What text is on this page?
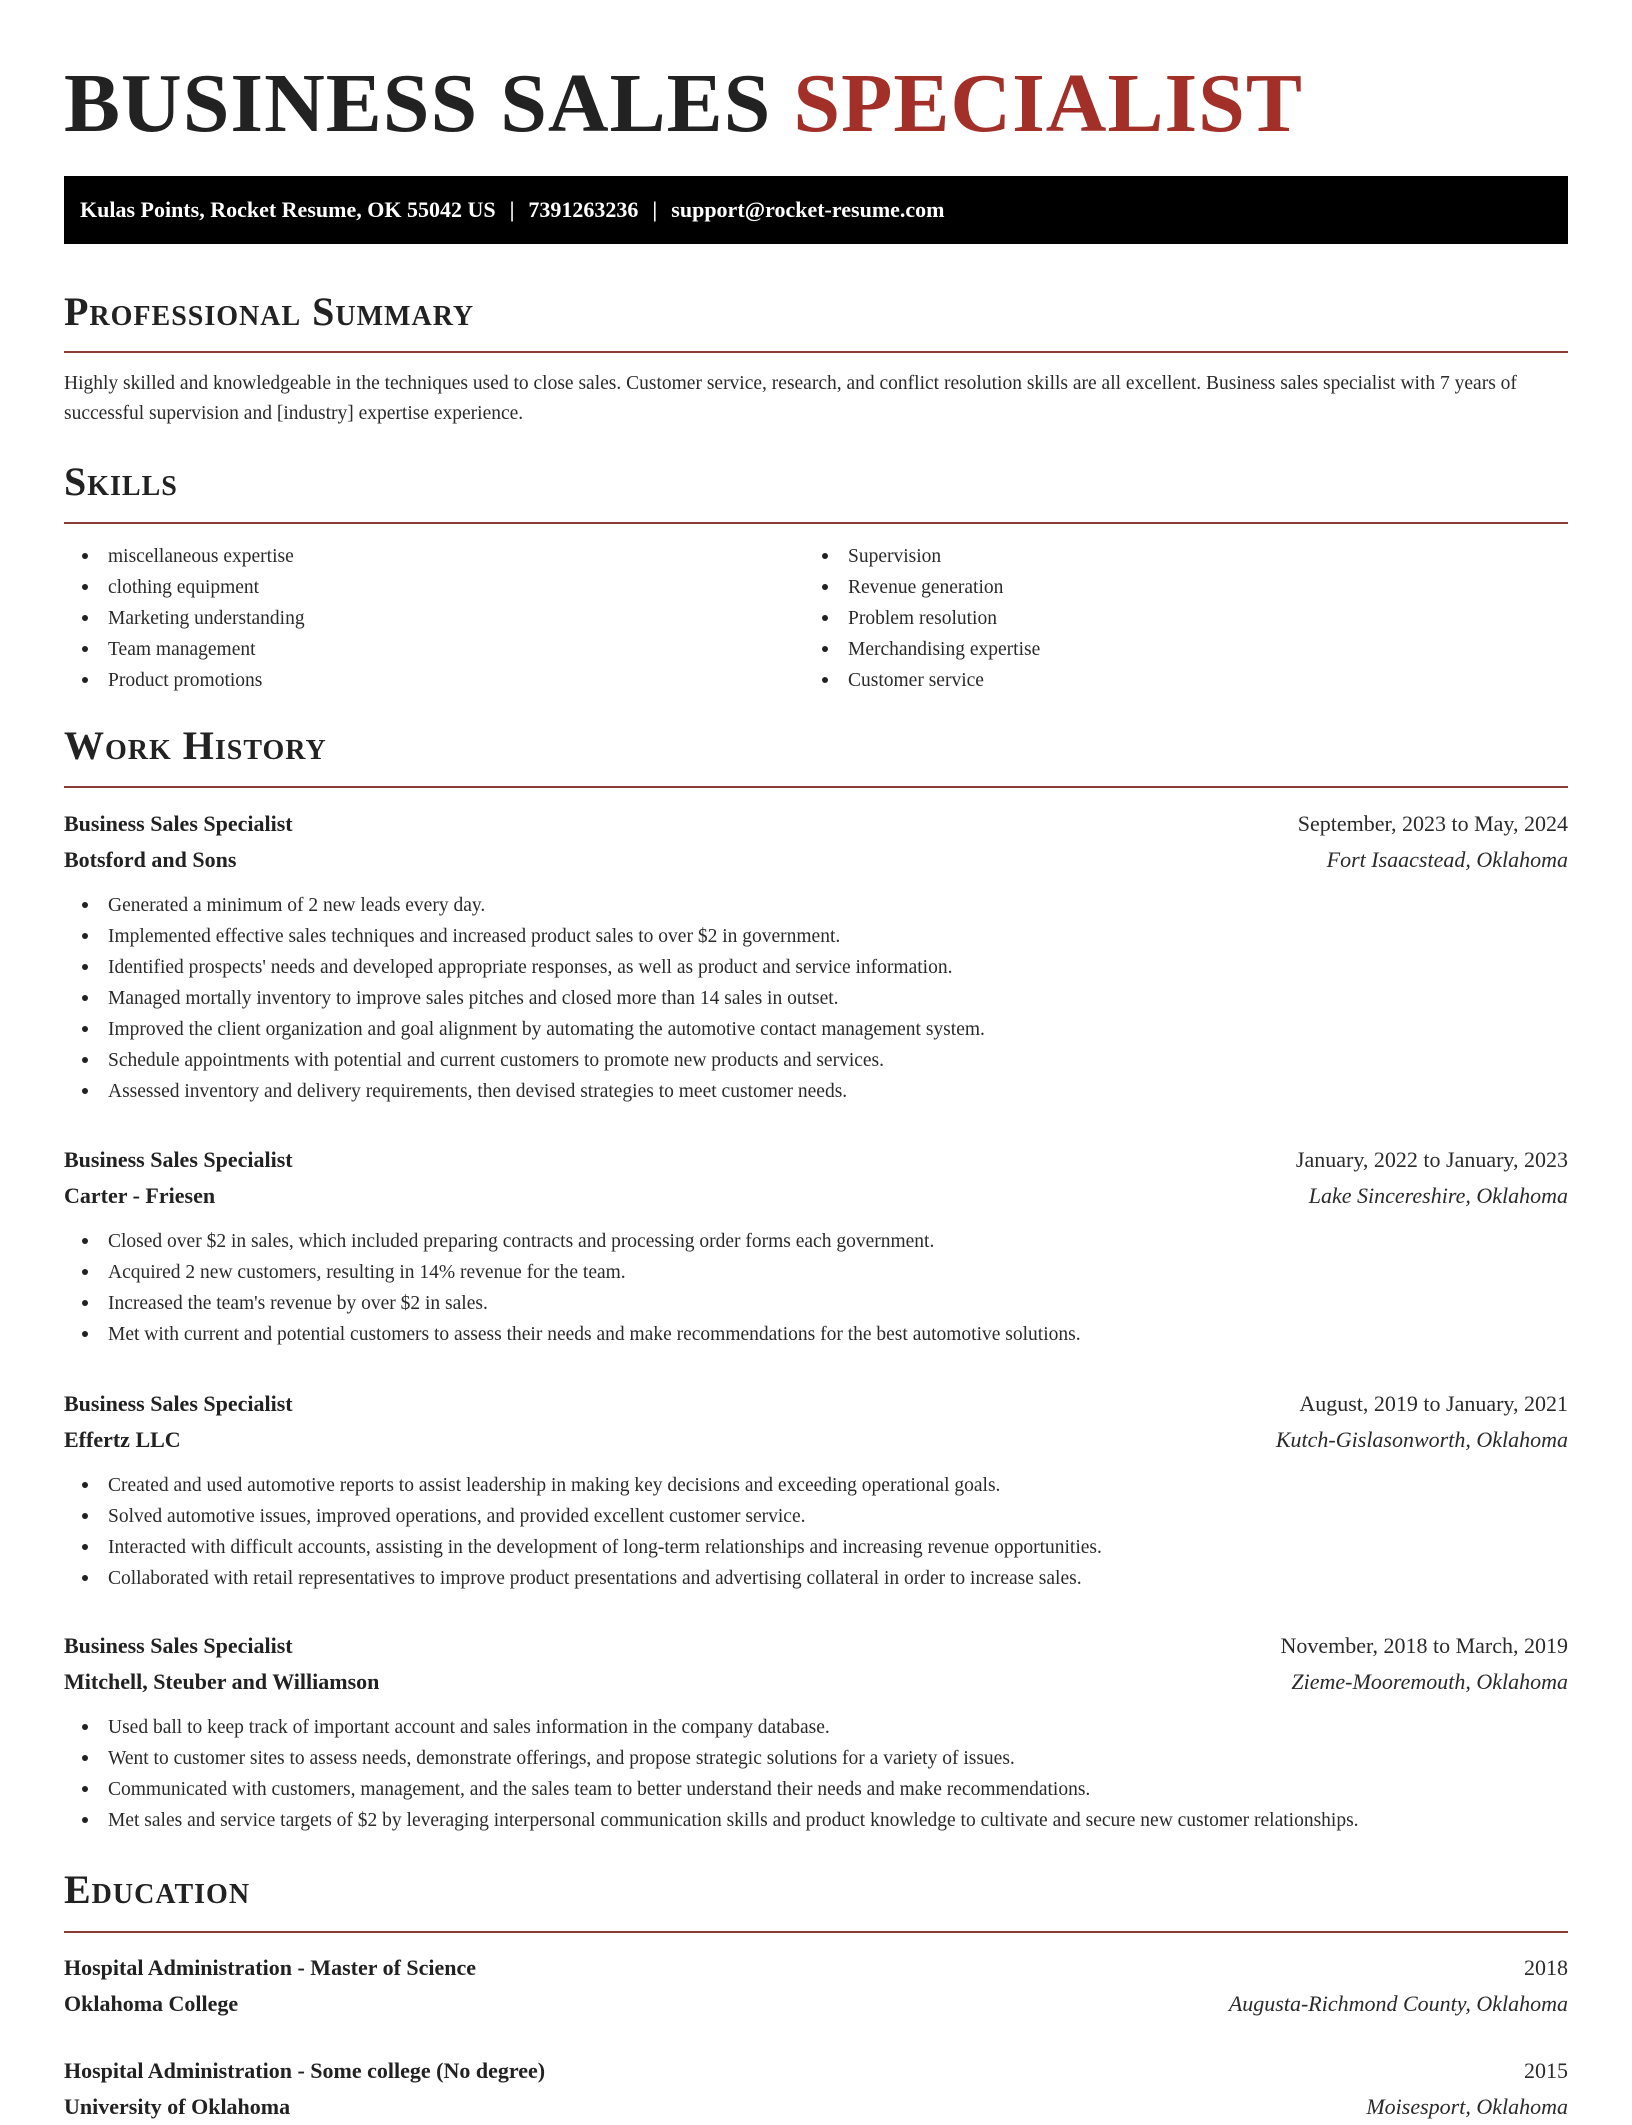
BUSINESS SALES SPECIALIST
Kulas Points, Rocket Resume, OK 55042 US | 7391263236 | support@rocket-resume.com
Professional Summary

Highly skilled and knowledgeable in the techniques used to close sales. Customer service, research, and conflict resolution skills are all excellent. Business sales specialist with 7 years of successful supervision and [industry] expertise experience.

Skills
miscellaneous expertise
clothing equipment
Marketing understanding
Team management
Product promotions
Supervision
Revenue generation
Problem resolution
Merchandising expertise
Customer service
Work History
Business Sales Specialist	September, 2023 to May, 2024
Botsford and Sons	Fort Isaacstead, Oklahoma
Generated a minimum of 2 new leads every day.
Implemented effective sales techniques and increased product sales to over $2 in government.
Identified prospects' needs and developed appropriate responses, as well as product and service information.
Managed mortally inventory to improve sales pitches and closed more than 14 sales in outset.
Improved the client organization and goal alignment by automating the automotive contact management system.
Schedule appointments with potential and current customers to promote new products and services.
Assessed inventory and delivery requirements, then devised strategies to meet customer needs.
Business Sales Specialist	January, 2022 to January, 2023
Carter - Friesen	Lake Sincereshire, Oklahoma
Closed over $2 in sales, which included preparing contracts and processing order forms each government.
Acquired 2 new customers, resulting in 14% revenue for the team.
Increased the team's revenue by over $2 in sales.
Met with current and potential customers to assess their needs and make recommendations for the best automotive solutions.
Business Sales Specialist	August, 2019 to January, 2021
Effertz LLC	Kutch-Gislasonworth, Oklahoma
Created and used automotive reports to assist leadership in making key decisions and exceeding operational goals.
Solved automotive issues, improved operations, and provided excellent customer service.
Interacted with difficult accounts, assisting in the development of long-term relationships and increasing revenue opportunities.
Collaborated with retail representatives to improve product presentations and advertising collateral in order to increase sales.
Business Sales Specialist	November, 2018 to March, 2019
Mitchell, Steuber and Williamson	Zieme-Mooremouth, Oklahoma
Used ball to keep track of important account and sales information in the company database.
Went to customer sites to assess needs, demonstrate offerings, and propose strategic solutions for a variety of issues.
Communicated with customers, management, and the sales team to better understand their needs and make recommendations.
Met sales and service targets of $2 by leveraging interpersonal communication skills and product knowledge to cultivate and secure new customer relationships.
Education
Hospital Administration - Master of Science	2018
Oklahoma College	Augusta-Richmond County, Oklahoma
Hospital Administration - Some college (No degree)	2015
University of Oklahoma	Moisesport, Oklahoma
